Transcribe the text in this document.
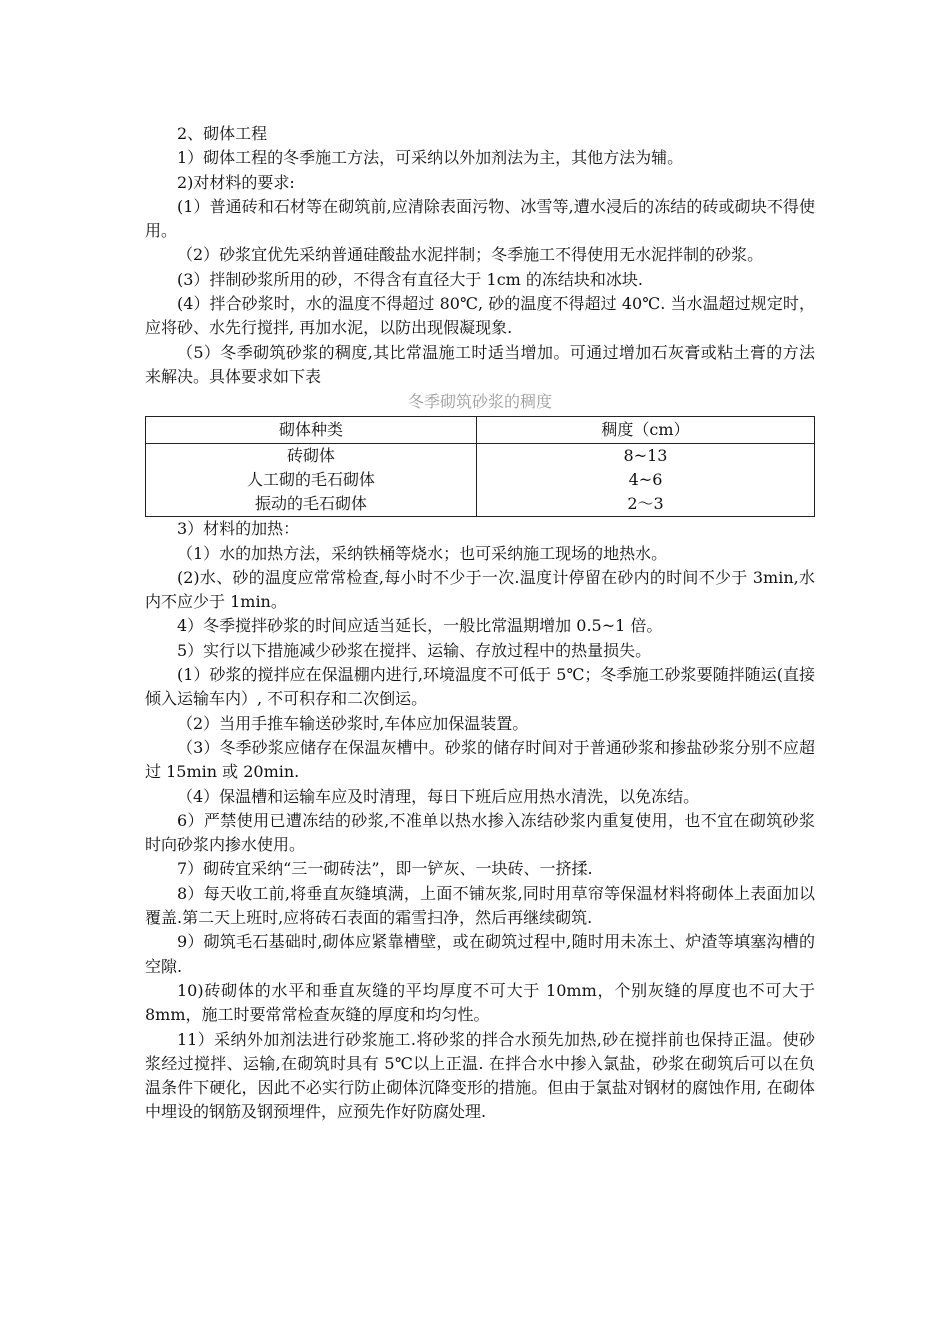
2、砌体工程

1）砌体工程的冬季施工方法，可采纳以外加剂法为主，其他方法为辅。

2)对材料的要求:

(1）普通砖和石材等在砌筑前,应清除表面污物、冰雪等,遭水浸后的冻结的砖或砌块不得使用。

（2）砂浆宜优先采纳普通硅酸盐水泥拌制；冬季施工不得使用无水泥拌制的砂浆。

(3）拌制砂浆所用的砂，不得含有直径大于 1cm 的冻结块和冰块.

(4）拌合砂浆时，水的温度不得超过 80℃, 砂的温度不得超过 40℃. 当水温超过规定时，应将砂、水先行搅拌, 再加水泥，以防出现假凝现象.

（5）冬季砌筑砂浆的稠度,其比常温施工时适当增加。可通过增加石灰膏或粘土膏的方法来解决。具体要求如下表

冬季砌筑砂浆的稠度

砌体种类	稠度（cm）
砖砌体	8~13
人工砌的毛石砌体	4~6
振动的毛石砌体	2～3

3）材料的加热：

（1）水的加热方法，采纳铁桶等烧水；也可采纳施工现场的地热水。

(2)水、砂的温度应常常检查,每小时不少于一次.温度计停留在砂内的时间不少于 3min,水内不应少于 1min。

4）冬季搅拌砂浆的时间应适当延长，一般比常温期增加 0.5~1 倍。

5）实行以下措施减少砂浆在搅拌、运输、存放过程中的热量损失。

(1）砂浆的搅拌应在保温棚内进行,环境温度不可低于 5℃；冬季施工砂浆要随拌随运(直接倾入运输车内）, 不可积存和二次倒运。

（2）当用手推车输送砂浆时,车体应加保温装置。

（3）冬季砂浆应储存在保温灰槽中。砂浆的储存时间对于普通砂浆和掺盐砂浆分别不应超过 15min 或 20min.

（4）保温槽和运输车应及时清理，每日下班后应用热水清洗，以免冻结。

6）严禁使用已遭冻结的砂浆,不准单以热水掺入冻结砂浆内重复使用，也不宜在砌筑砂浆时向砂浆内掺水使用。

7）砌砖宜采纳“三一砌砖法”，即一铲灰、一块砖、一挤揉.

8）每天收工前,将垂直灰缝填满，上面不铺灰浆,同时用草帘等保温材料将砌体上表面加以覆盖.第二天上班时,应将砖石表面的霜雪扫净，然后再继续砌筑.

9）砌筑毛石基础时,砌体应紧靠槽壁，或在砌筑过程中,随时用未冻土、炉渣等填塞沟槽的空隙.

10)砖砌体的水平和垂直灰缝的平均厚度不可大于 10mm，个别灰缝的厚度也不可大于 8mm，施工时要常常检查灰缝的厚度和均匀性。

11）采纳外加剂法进行砂浆施工.将砂浆的拌合水预先加热,砂在搅拌前也保持正温。使砂浆经过搅拌、运输,在砌筑时具有 5℃以上正温. 在拌合水中掺入氯盐，砂浆在砌筑后可以在负温条件下硬化，因此不必实行防止砌体沉降变形的措施。但由于氯盐对钢材的腐蚀作用, 在砌体中埋设的钢筋及钢预埋件，应预先作好防腐处理.
